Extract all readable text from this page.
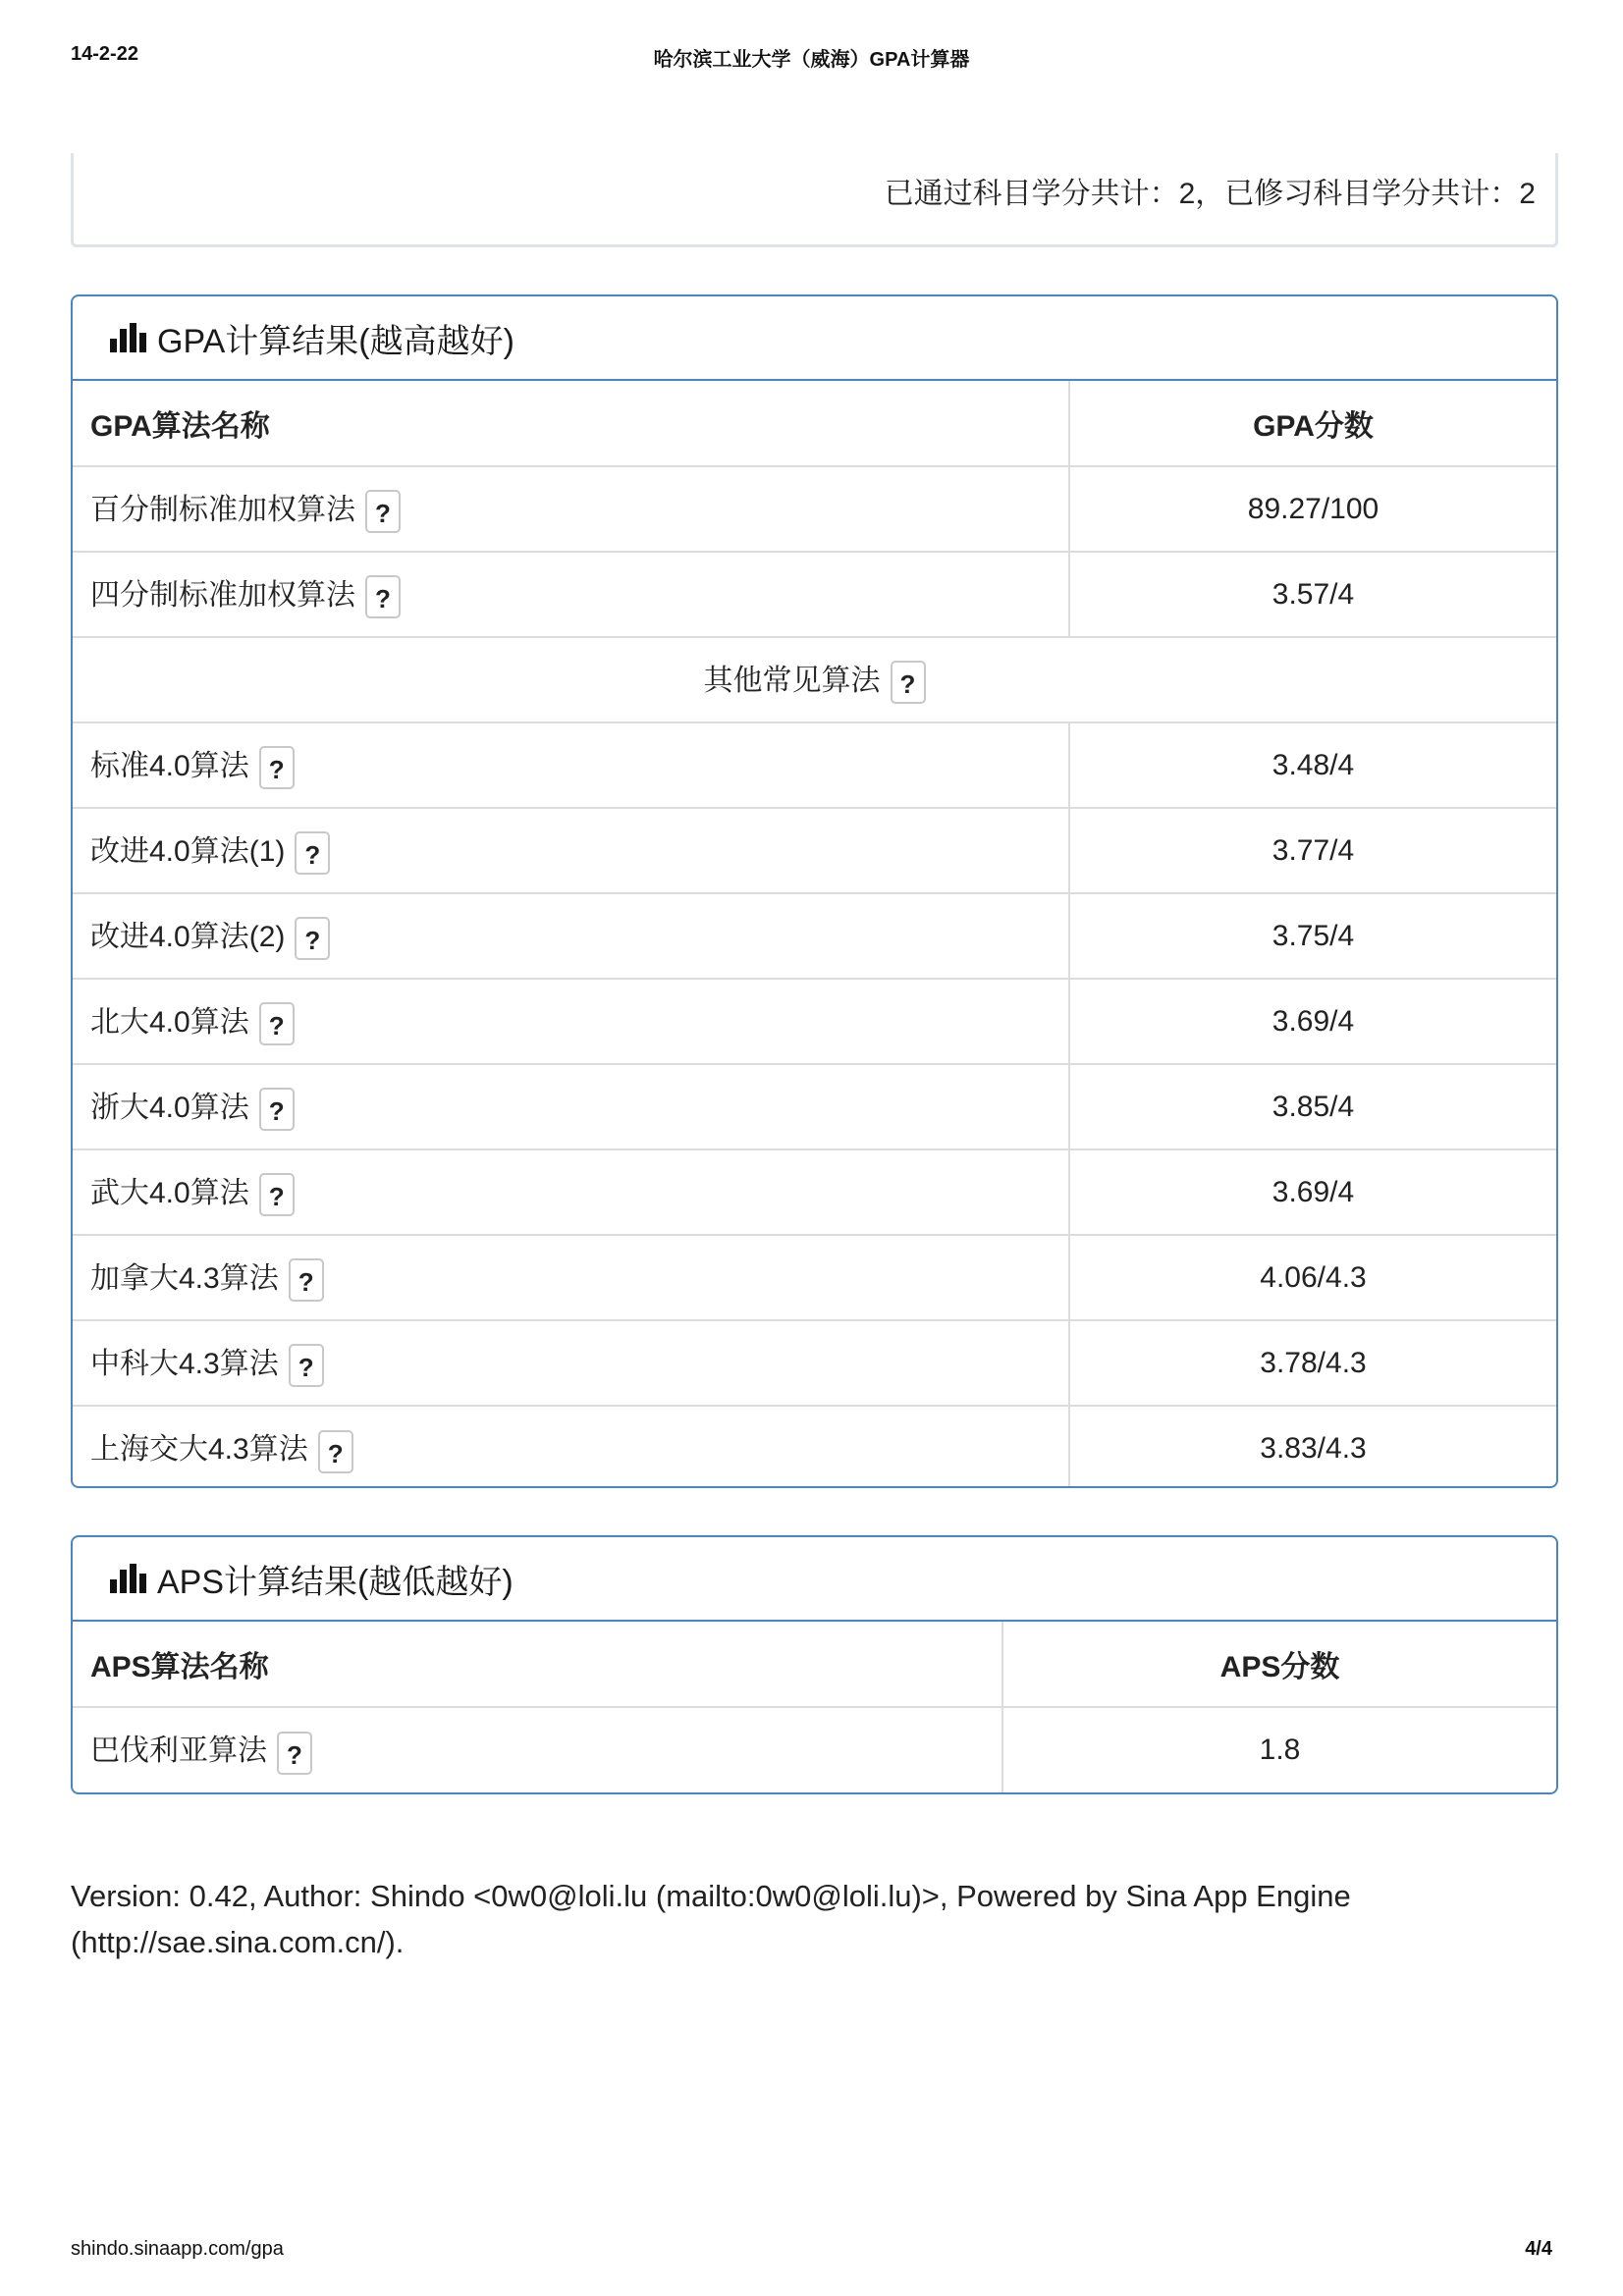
14-2-22	哈尔滨工业大学（威海）GPA计算器
已通过科目学分共计：2，已修习科目学分共计：2
GPA计算结果(越高越好)
GPA算法名称	GPA分数
百分制标准加权算法 ?	89.27/100
四分制标准加权算法 ?	3.57/4
其他常见算法 ?	
标准4.0算法 ?	3.48/4
改进4.0算法(1) ?	3.77/4
改进4.0算法(2) ?	3.75/4
北大4.0算法 ?	3.69/4
浙大4.0算法 ?	3.85/4
武大4.0算法 ?	3.69/4
加拿大4.3算法 ?	4.06/4.3
中科大4.3算法 ?	3.78/4.3
上海交大4.3算法 ?	3.83/4.3
APS计算结果(越低越好)
APS算法名称	APS分数
巴伐利亚算法 ?	1.8
Version: 0.42, Author: Shindo <0w0@loli.lu (mailto:0w0@loli.lu)>, Powered by Sina App Engine (http://sae.sina.com.cn/).
shindo.sinaapp.com/gpa	4/4
